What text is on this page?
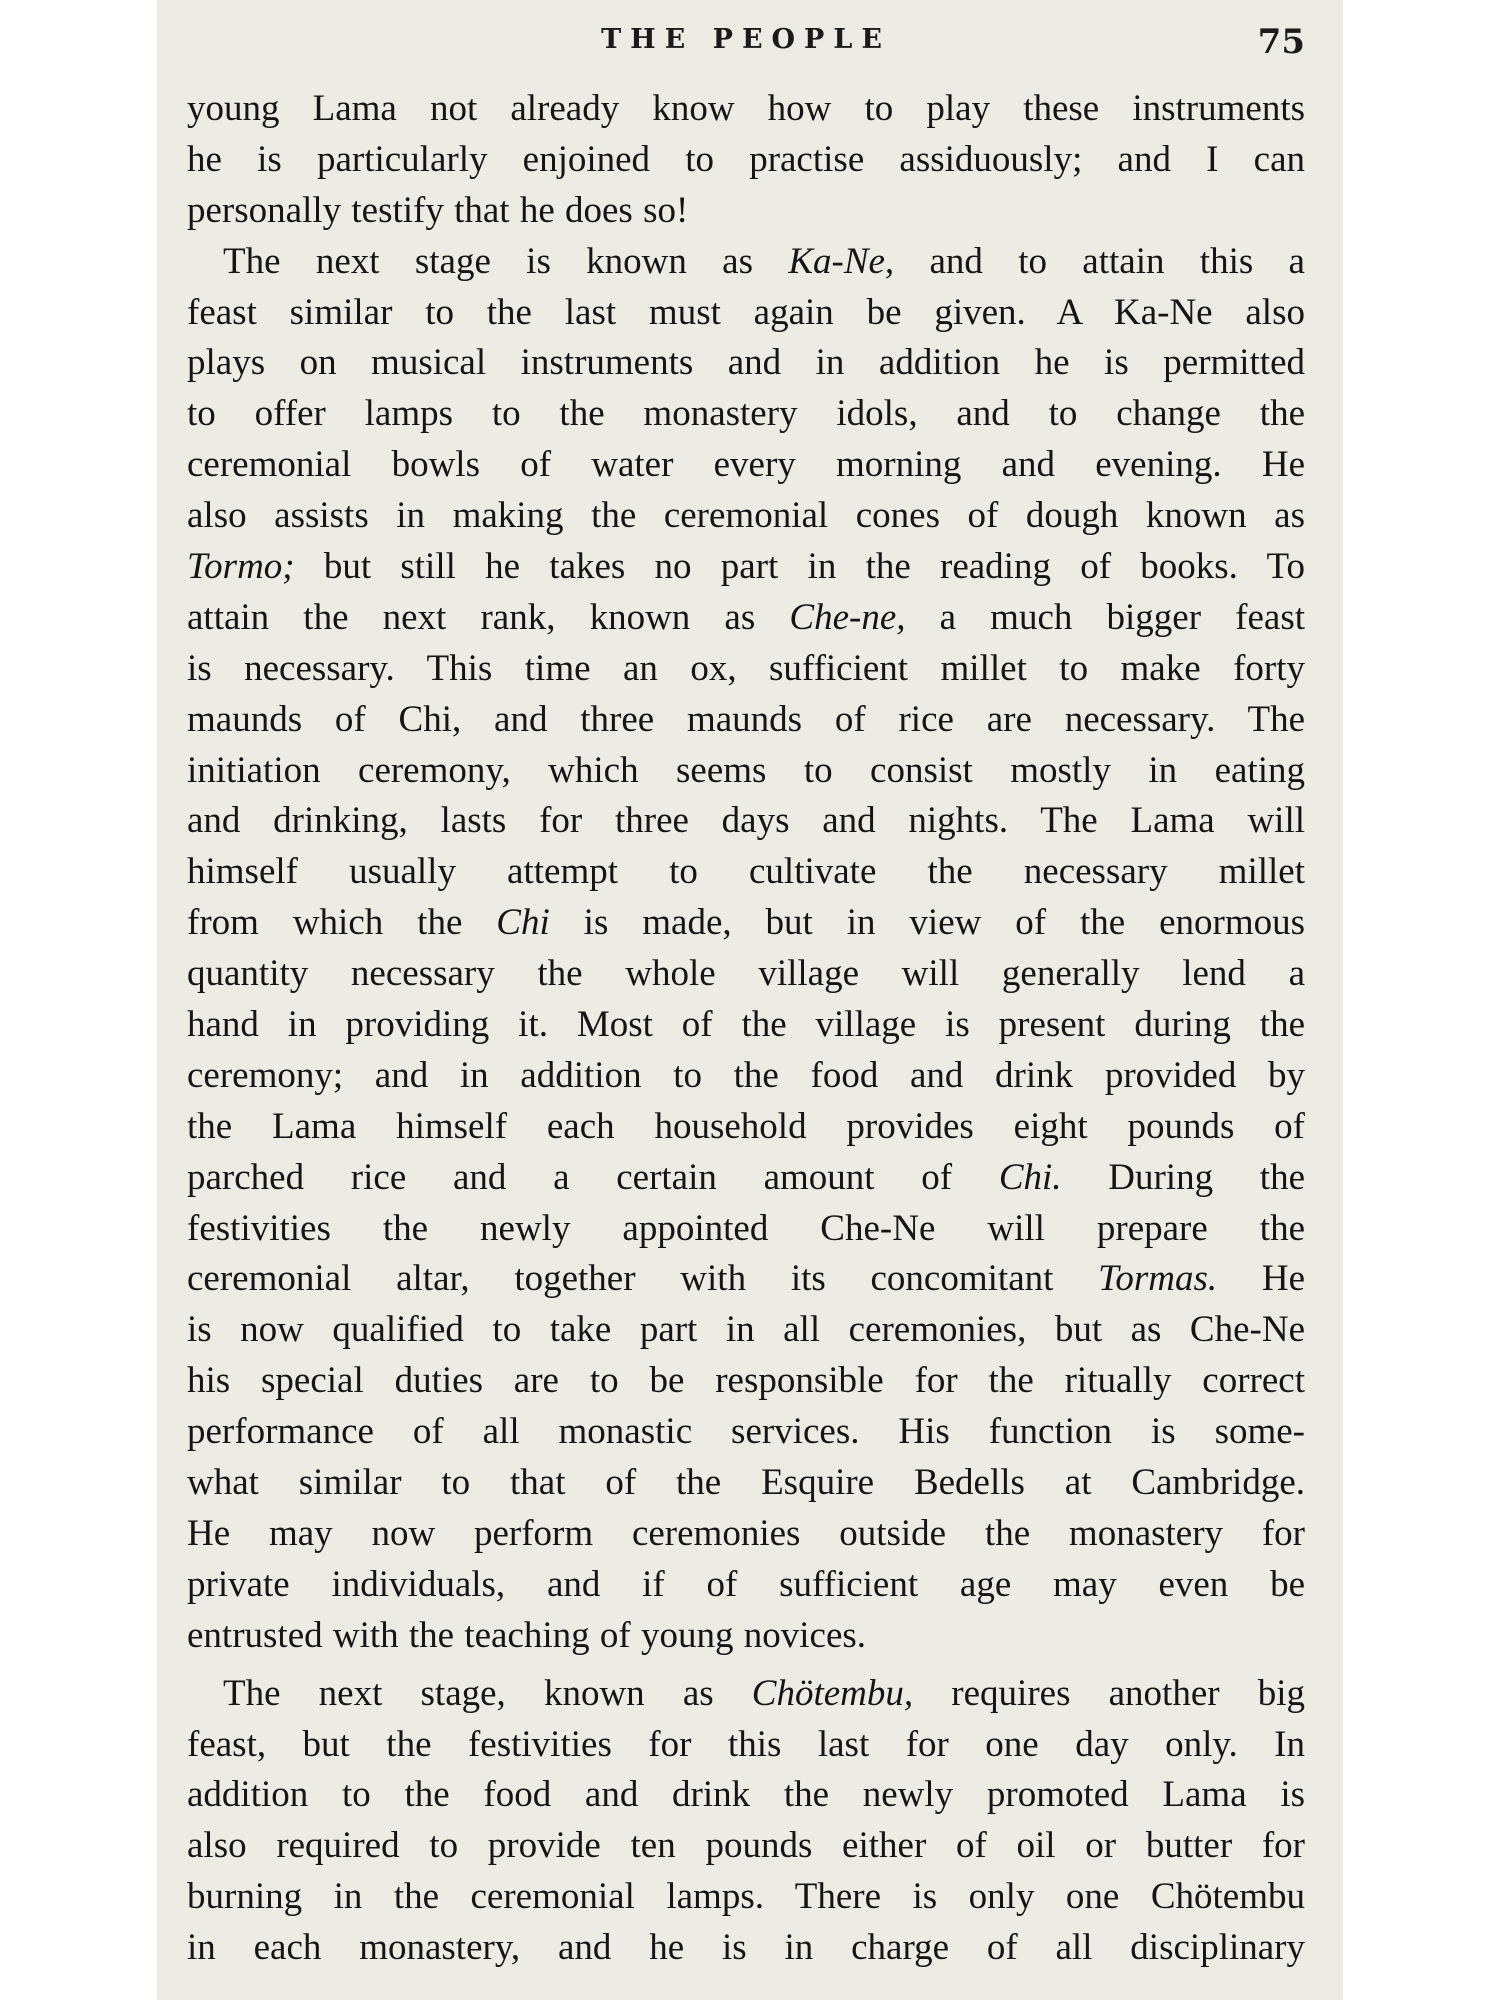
THE PEOPLE	75
young Lama not already know how to play these instruments
he is particularly enjoined to practise assiduously; and I can
personally testify that he does so!
The next stage is known as Ka-Ne, and to attain this a
feast similar to the last must again be given. A Ka-Ne also
plays on musical instruments and in addition he is permitted
to offer lamps to the monastery idols, and to change the
ceremonial bowls of water every morning and evening. He
also assists in making the ceremonial cones of dough known as
Tormo; but still he takes no part in the reading of books. To
attain the next rank, known as Che-ne, a much bigger feast
is necessary. This time an ox, sufficient millet to make forty
maunds of Chi, and three maunds of rice are necessary. The
initiation ceremony, which seems to consist mostly in eating
and drinking, lasts for three days and nights. The Lama will
himself usually attempt to cultivate the necessary millet
from which the Chi is made, but in view of the enormous
quantity necessary the whole village will generally lend a
hand in providing it. Most of the village is present during the
ceremony; and in addition to the food and drink provided by
the Lama himself each household provides eight pounds of
parched rice and a certain amount of Chi. During the
festivities the newly appointed Che-Ne will prepare the
ceremonial altar, together with its concomitant Tormas. He
is now qualified to take part in all ceremonies, but as Che-Ne
his special duties are to be responsible for the ritually correct
performance of all monastic services. His function is some-
what similar to that of the Esquire Bedells at Cambridge.
He may now perform ceremonies outside the monastery for
private individuals, and if of sufficient age may even be
entrusted with the teaching of young novices.
The next stage, known as Chötembu, requires another big
feast, but the festivities for this last for one day only. In
addition to the food and drink the newly promoted Lama is
also required to provide ten pounds either of oil or butter for
burning in the ceremonial lamps. There is only one Chötembu
in each monastery, and he is in charge of all disciplinary
